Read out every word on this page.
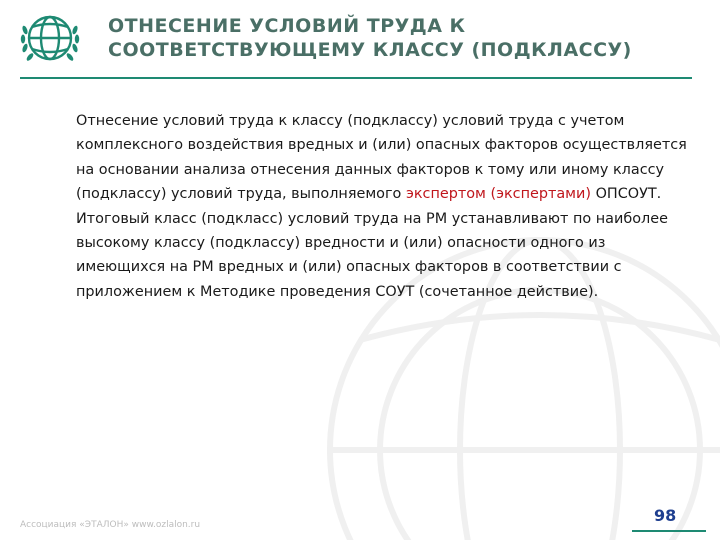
ОТНЕСЕНИЕ УСЛОВИЙ ТРУДА К
СООТВЕТСТВУЮЩЕМУ КЛАССУ (ПОДКЛАССУ)

Отнесение условий труда к классу (подклассу) условий труда с учетом комплексного воздействия вредных и (или) опасных факторов осуществляется на основании анализа отнесения данных факторов к тому или иному классу (подклассу) условий труда, выполняемого экспертом (экспертами) ОПСОУТ.

Итоговый класс (подкласс) условий труда на РМ устанавливают по наиболее высокому классу (подклассу) вредности и (или) опасности одного из имеющихся на РМ вредных и (или) опасных факторов в соответствии с приложением к Методике проведения СОУТ (сочетанное действие).

Ассоциация «ЭТАЛОН» www.ozlalon.ru	98
